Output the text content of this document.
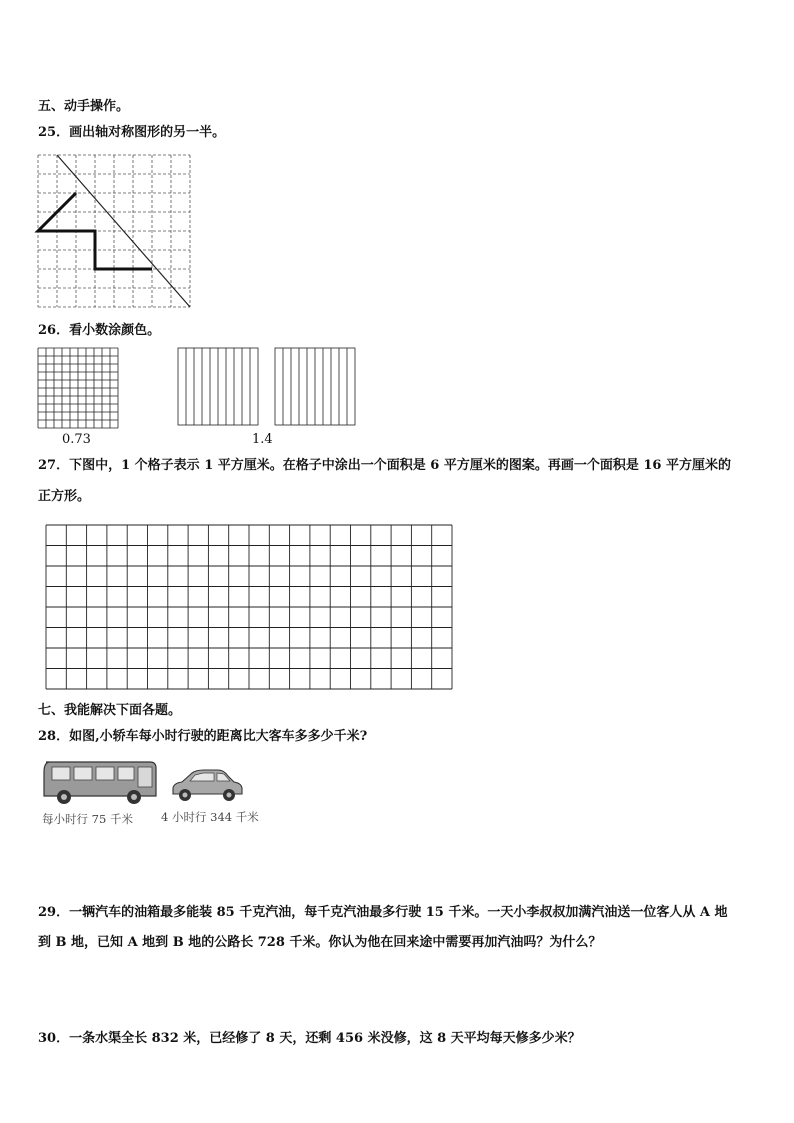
五、动手操作。
25．画出轴对称图形的另一半。
26．看小数涂颜色。
0.73	1.4
27．下图中，1 个格子表示 1 平方厘米。在格子中涂出一个面积是 6 平方厘米的图案。再画一个面积是 16 平方厘米的
正方形。
七、我能解决下面各题。
28．如图,小轿车每小时行驶的距离比大客车多多少千米?
每小时行 75 千米 4 小时行 344 千米
29．一辆汽车的油箱最多能装 85 千克汽油，每千克汽油最多行驶 15 千米。一天小李叔叔加满汽油送一位客人从 A 地
到 B 地，已知 A 地到 B 地的公路长 728 千米。你认为他在回来途中需要再加汽油吗？为什么？
30．一条水渠全长 832 米，已经修了 8 天，还剩 456 米没修，这 8 天平均每天修多少米？
